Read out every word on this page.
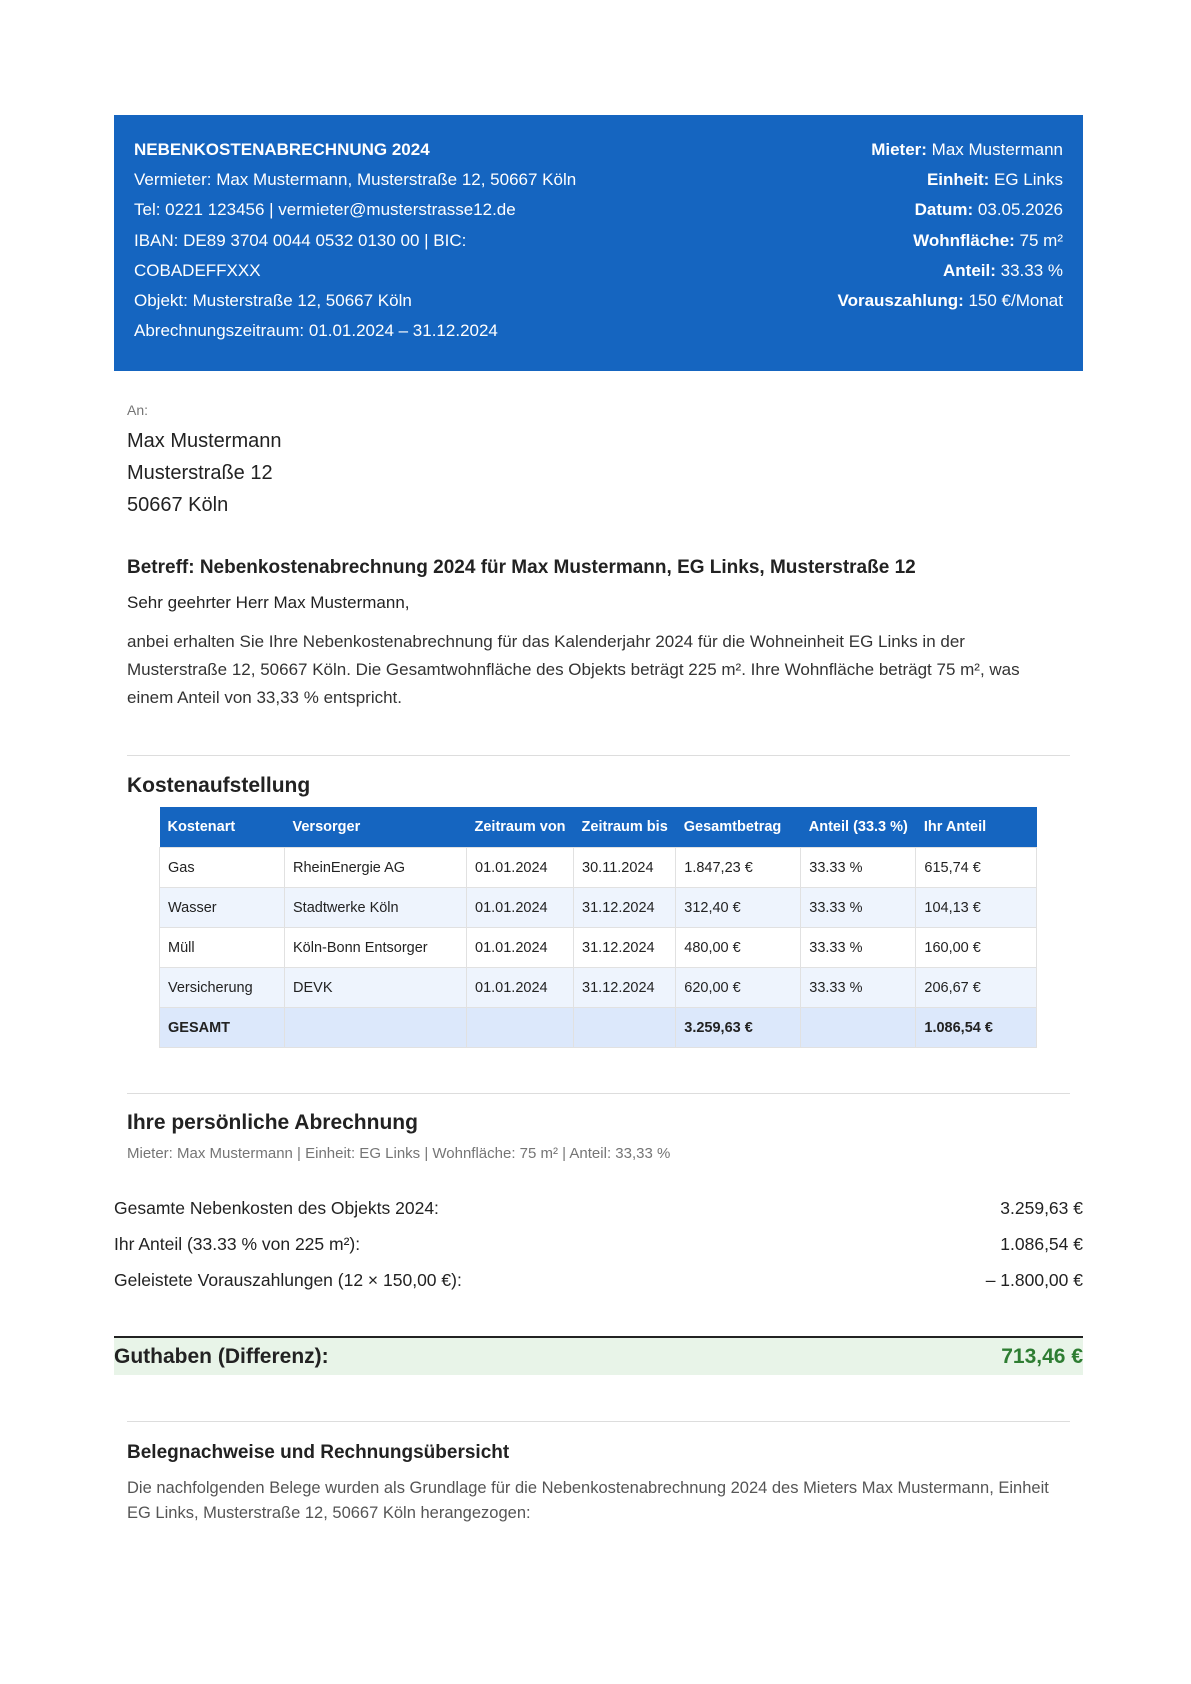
NEBENKOSTENABRECHNUNG 2024
Vermieter: Max Mustermann, Musterstraße 12, 50667 Köln
Tel: 0221 123456 | vermieter@musterstrasse12.de
IBAN: DE89 3704 0044 0532 0130 00 | BIC:
COBADEFFXXX
Objekt: Musterstraße 12, 50667 Köln
Abrechnungszeitraum: 01.01.2024 – 31.12.2024
Mieter: Max Mustermann
Einheit: EG Links
Datum: 03.05.2026
Wohnfläche: 75 m²
Anteil: 33.33 %
Vorauszahlung: 150 €/Monat
An:
Max Mustermann
Musterstraße 12
50667 Köln
Betreff: Nebenkostenabrechnung 2024 für Max Mustermann, EG Links, Musterstraße 12
Sehr geehrter Herr Max Mustermann,
anbei erhalten Sie Ihre Nebenkostenabrechnung für das Kalenderjahr 2024 für die Wohneinheit EG Links in der Musterstraße 12, 50667 Köln. Die Gesamtwohnfläche des Objekts beträgt 225 m². Ihre Wohnfläche beträgt 75 m², was einem Anteil von 33,33 % entspricht.
Kostenaufstellung
Kostenart	Versorger	Zeitraum von	Zeitraum bis	Gesamtbetrag	Anteil (33.3 %)	Ihr Anteil
Gas	RheinEnergie AG	01.01.2024	30.11.2024	1.847,23 €	33.33 %	615,74 €
Wasser	Stadtwerke Köln	01.01.2024	31.12.2024	312,40 €	33.33 %	104,13 €
Müll	Köln-Bonn Entsorger	01.01.2024	31.12.2024	480,00 €	33.33 %	160,00 €
Versicherung	DEVK	01.01.2024	31.12.2024	620,00 €	33.33 %	206,67 €
GESAMT				3.259,63 €		1.086,54 €
Ihre persönliche Abrechnung
Mieter: Max Mustermann | Einheit: EG Links | Wohnfläche: 75 m² | Anteil: 33,33 %
Gesamte Nebenkosten des Objekts 2024:	3.259,63 €
Ihr Anteil (33.33 % von 225 m²):	1.086,54 €
Geleistete Vorauszahlungen (12 × 150,00 €):	– 1.800,00 €
Guthaben (Differenz):	713,46 €
Belegnachweise und Rechnungsübersicht
Die nachfolgenden Belege wurden als Grundlage für die Nebenkostenabrechnung 2024 des Mieters Max Mustermann, Einheit EG Links, Musterstraße 12, 50667 Köln herangezogen:
